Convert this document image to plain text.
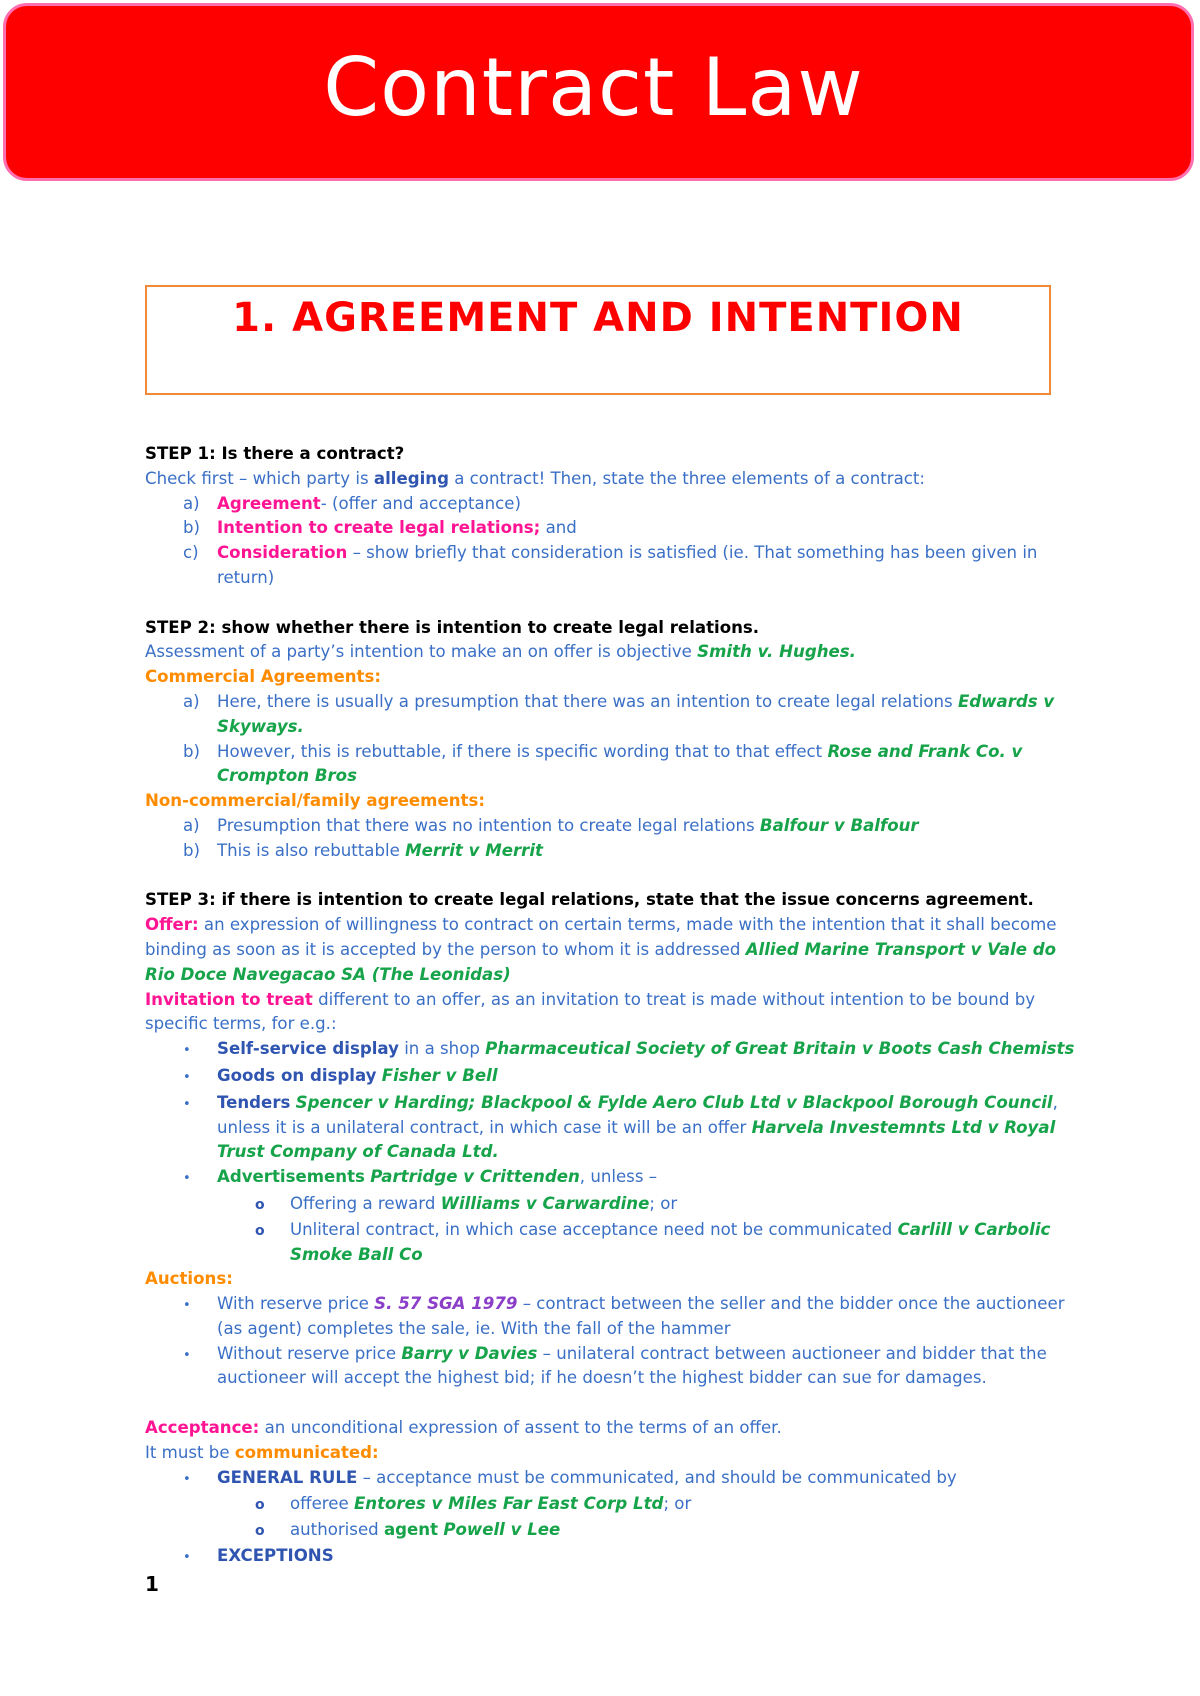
Contract Law
1. AGREEMENT AND INTENTION
STEP 1: Is there a contract?
Check first – which party is alleging a contract! Then, state the three elements of a contract:
a)	Agreement- (offer and acceptance)
b)	Intention to create legal relations; and
c)	Consideration – show briefly that consideration is satisfied (ie. That something has been given in return)
STEP 2: show whether there is intention to create legal relations.
Assessment of a party’s intention to make an on offer is objective Smith v. Hughes.
Commercial Agreements:
a)	Here, there is usually a presumption that there was an intention to create legal relations Edwards v Skyways.
b)	However, this is rebuttable, if there is specific wording that to that effect Rose and Frank Co. v Crompton Bros
Non-commercial/family agreements:
a)	Presumption that there was no intention to create legal relations Balfour v Balfour
b)	This is also rebuttable Merrit v Merrit
STEP 3: if there is intention to create legal relations, state that the issue concerns agreement.
Offer: an expression of willingness to contract on certain terms, made with the intention that it shall become binding as soon as it is accepted by the person to whom it is addressed Allied Marine Transport v Vale do Rio Doce Navegacao SA (The Leonidas)
Invitation to treat different to an offer, as an invitation to treat is made without intention to be bound by specific terms, for e.g.:
•	Self-service display in a shop Pharmaceutical Society of Great Britain v Boots Cash Chemists
•	Goods on display Fisher v Bell
•	Tenders Spencer v Harding; Blackpool & Fylde Aero Club Ltd v Blackpool Borough Council, unless it is a unilateral contract, in which case it will be an offer Harvela Investemnts Ltd v Royal Trust Company of Canada Ltd.
•	Advertisements Partridge v Crittenden, unless –
o	Offering a reward Williams v Carwardine; or
o	Unliteral contract, in which case acceptance need not be communicated Carlill v Carbolic Smoke Ball Co
Auctions:
•	With reserve price S. 57 SGA 1979 – contract between the seller and the bidder once the auctioneer (as agent) completes the sale, ie. With the fall of the hammer
•	Without reserve price Barry v Davies – unilateral contract between auctioneer and bidder that the auctioneer will accept the highest bid; if he doesn’t the highest bidder can sue for damages.
Acceptance: an unconditional expression of assent to the terms of an offer.
It must be communicated:
•	GENERAL RULE – acceptance must be communicated, and should be communicated by
o	offeree Entores v Miles Far East Corp Ltd; or
o	authorised agent Powell v Lee
•	EXCEPTIONS
1
